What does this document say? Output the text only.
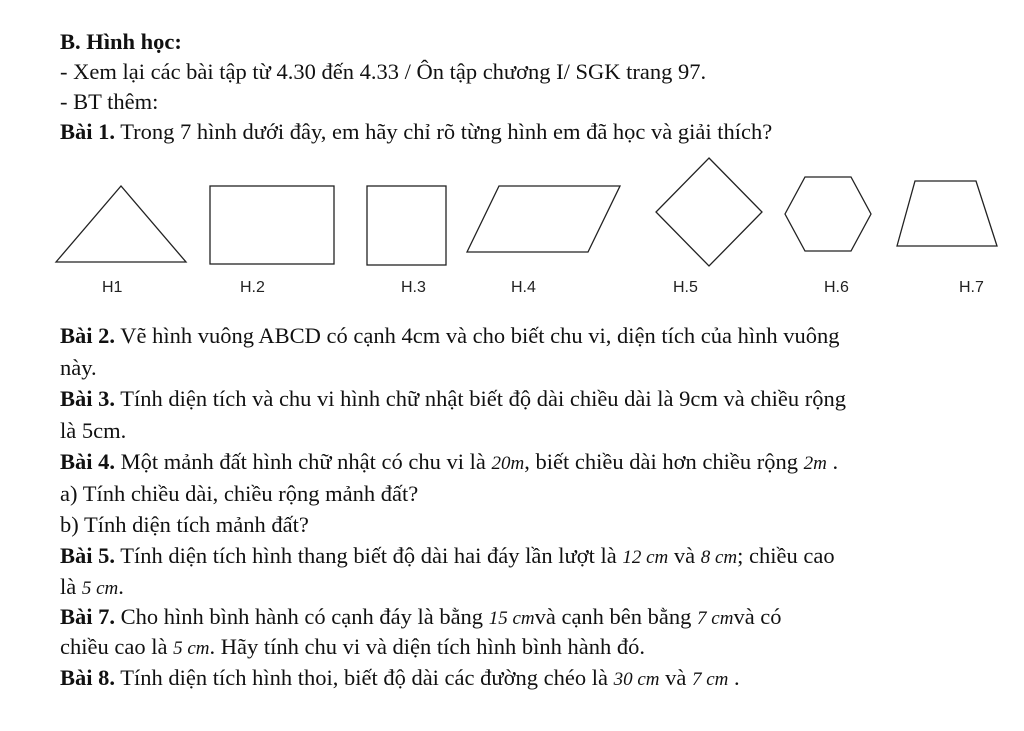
B. Hình học:
- Xem lại các bài tập từ 4.30 đến 4.33 / Ôn tập chương I/ SGK trang 97.
- BT thêm:
Bài 1. Trong 7 hình dưới đây, em hãy chỉ rõ từng hình em đã học và giải thích?
H1	H.2	H.3	H.4	H.5	H.6	H.7
Bài 2. Vẽ hình vuông ABCD có cạnh 4cm và cho biết chu vi, diện tích của hình vuông
này.
Bài 3. Tính diện tích và chu vi hình chữ nhật biết độ dài chiều dài là 9cm và chiều rộng
là 5cm.
Bài 4. Một mảnh đất hình chữ nhật có chu vi là 20m, biết chiều dài hơn chiều rộng 2m .
a) Tính chiều dài, chiều rộng mảnh đất?
b) Tính diện tích mảnh đất?
Bài 5. Tính diện tích hình thang biết độ dài hai đáy lần lượt là 12 cm và 8 cm; chiều cao
là 5 cm.
Bài 7. Cho hình bình hành có cạnh đáy là bằng 15 cmvà cạnh bên bằng 7 cmvà có
chiều cao là 5 cm. Hãy tính chu vi và diện tích hình bình hành đó.
Bài 8. Tính diện tích hình thoi, biết độ dài các đường chéo là 30 cm và 7 cm .
